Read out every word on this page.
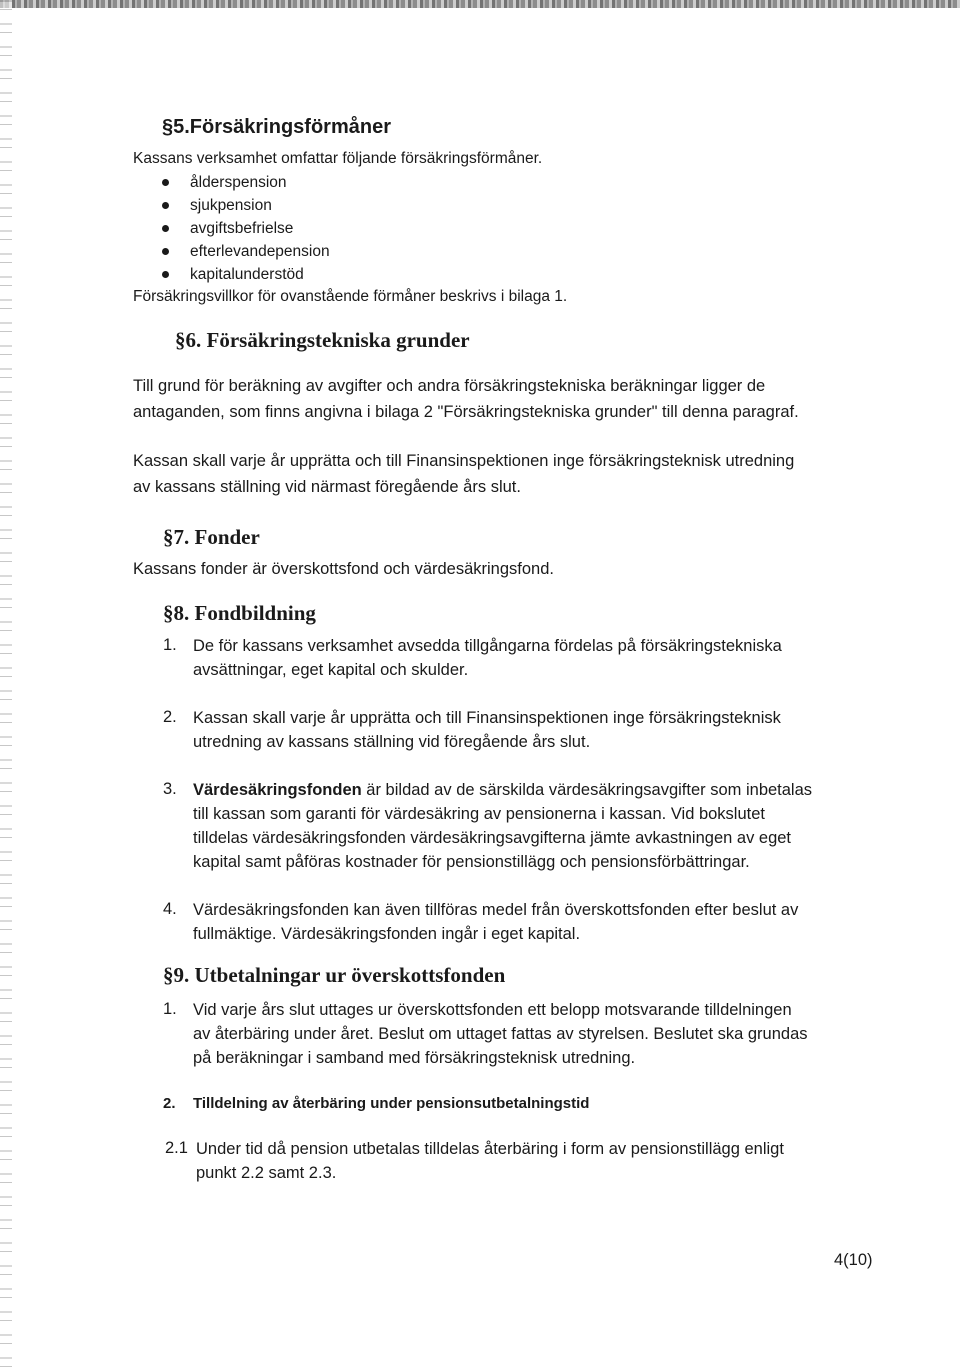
§5.Försäkringsförmåner
Kassans verksamhet omfattar följande försäkringsförmåner.
ålderspension
sjukpension
avgiftsbefrielse
efterlevandepension
kapitalunderstöd
Försäkringsvillkor för ovanstående förmåner beskrivs i bilaga 1.
§6. Försäkringstekniska grunder
Till grund för beräkning av avgifter och andra försäkringstekniska beräkningar ligger de
antaganden, som finns angivna i bilaga 2 "Försäkringstekniska grunder" till denna paragraf.
Kassan skall varje år upprätta och till Finansinspektionen inge försäkringsteknisk utredning
av kassans ställning vid närmast föregående års slut.
§7. Fonder
Kassans fonder är överskottsfond och värdesäkringsfond.
§8. Fondbildning
1. De för kassans verksamhet avsedda tillgångarna fördelas på försäkringstekniska
avsättningar, eget kapital och skulder.
2. Kassan skall varje år upprätta och till Finansinspektionen inge försäkringsteknisk
utredning av kassans ställning vid föregående års slut.
3. Värdesäkringsfonden är bildad av de särskilda värdesäkringsavgifter som inbetalas
till kassan som garanti för värdesäkring av pensionerna i kassan. Vid bokslutet
tilldelas värdesäkringsfonden värdesäkringsavgifterna jämte avkastningen av eget
kapital samt påföras kostnader för pensionstillägg och pensionsförbättringar.
4. Värdesäkringsfonden kan även tillföras medel från överskottsfonden efter beslut av
fullmäktige. Värdesäkringsfonden ingår i eget kapital.
§9. Utbetalningar ur överskottsfonden
1. Vid varje års slut uttages ur överskottsfonden ett belopp motsvarande tilldelningen
av återbäring under året. Beslut om uttaget fattas av styrelsen. Beslutet ska grundas
på beräkningar i samband med försäkringsteknisk utredning.
2. Tilldelning av återbäring under pensionsutbetalningstid
2.1 Under tid då pension utbetalas tilldelas återbäring i form av pensionstillägg enligt
punkt 2.2 samt 2.3.
4(10)
